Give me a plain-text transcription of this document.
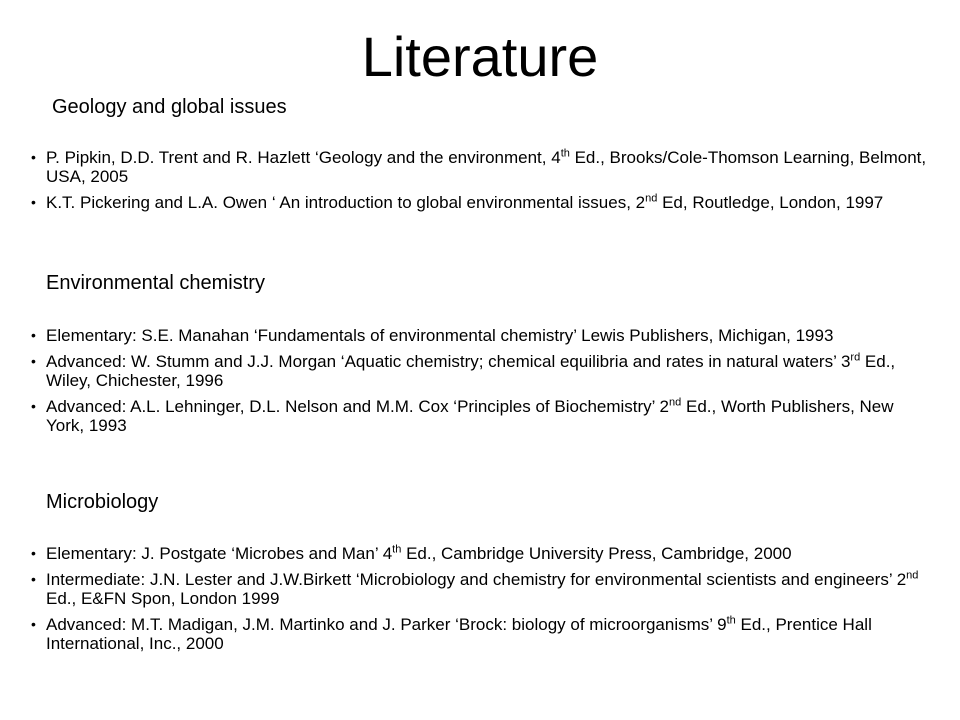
Literature
Geology and global issues
• P. Pipkin, D.D. Trent and R. Hazlett ‘Geology and the environment, 4th Ed., Brooks/Cole-Thomson Learning, Belmont, USA, 2005
• K.T. Pickering and L.A. Owen ‘ An introduction to global environmental issues, 2nd Ed, Routledge, London, 1997
Environmental chemistry
• Elementary: S.E. Manahan ‘Fundamentals of environmental chemistry’ Lewis Publishers, Michigan, 1993
• Advanced: W. Stumm and J.J. Morgan ‘Aquatic chemistry; chemical equilibria and rates in natural waters’ 3rd Ed., Wiley, Chichester, 1996
• Advanced: A.L. Lehninger, D.L. Nelson and M.M. Cox ‘Principles of Biochemistry’ 2nd Ed., Worth Publishers, New York, 1993
Microbiology
• Elementary: J. Postgate ‘Microbes and Man’ 4th Ed., Cambridge University Press, Cambridge, 2000
• Intermediate: J.N. Lester and J.W.Birkett ‘Microbiology and chemistry for environmental scientists and engineers’ 2nd Ed., E&FN Spon, London 1999
• Advanced: M.T. Madigan, J.M. Martinko and J. Parker ‘Brock: biology of microorganisms’ 9th Ed., Prentice Hall International, Inc., 2000
